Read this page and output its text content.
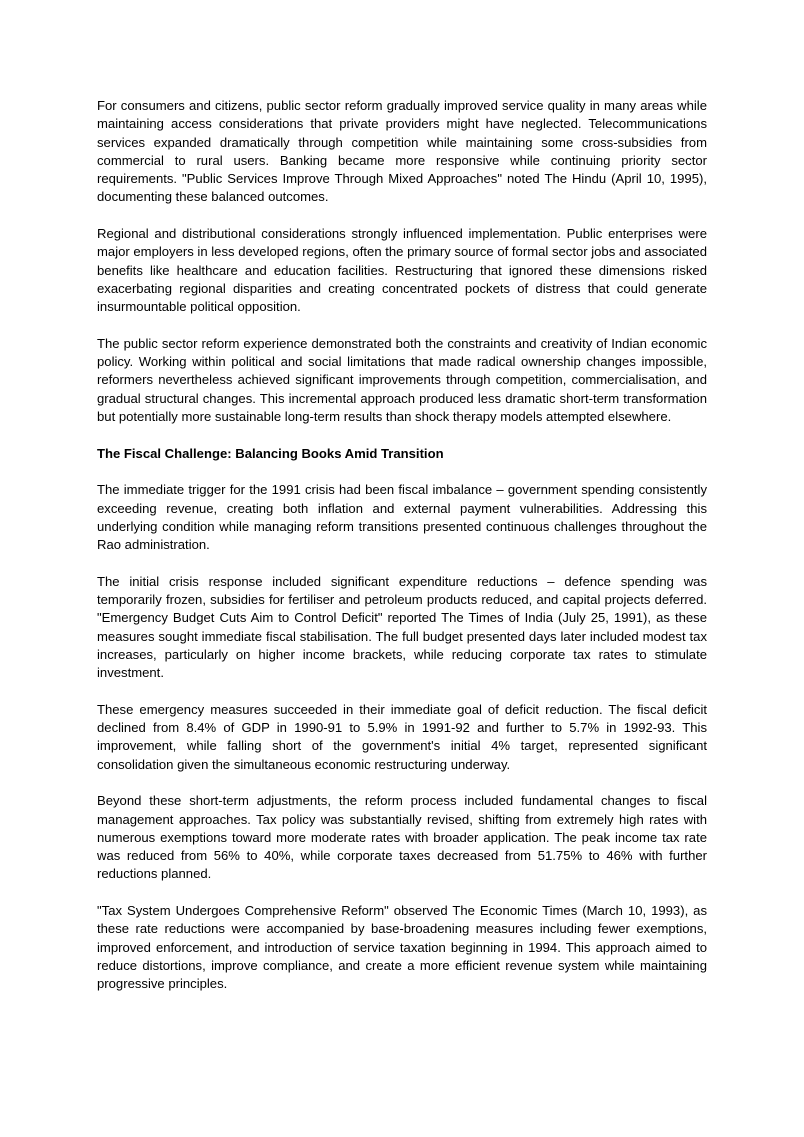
For consumers and citizens, public sector reform gradually improved service quality in many areas while maintaining access considerations that private providers might have neglected. Telecommunications services expanded dramatically through competition while maintaining some cross-subsidies from commercial to rural users. Banking became more responsive while continuing priority sector requirements. "Public Services Improve Through Mixed Approaches" noted The Hindu (April 10, 1995), documenting these balanced outcomes.

Regional and distributional considerations strongly influenced implementation. Public enterprises were major employers in less developed regions, often the primary source of formal sector jobs and associated benefits like healthcare and education facilities. Restructuring that ignored these dimensions risked exacerbating regional disparities and creating concentrated pockets of distress that could generate insurmountable political opposition.

The public sector reform experience demonstrated both the constraints and creativity of Indian economic policy. Working within political and social limitations that made radical ownership changes impossible, reformers nevertheless achieved significant improvements through competition, commercialisation, and gradual structural changes. This incremental approach produced less dramatic short-term transformation but potentially more sustainable long-term results than shock therapy models attempted elsewhere.

The Fiscal Challenge: Balancing Books Amid Transition

The immediate trigger for the 1991 crisis had been fiscal imbalance – government spending consistently exceeding revenue, creating both inflation and external payment vulnerabilities. Addressing this underlying condition while managing reform transitions presented continuous challenges throughout the Rao administration.

The initial crisis response included significant expenditure reductions – defence spending was temporarily frozen, subsidies for fertiliser and petroleum products reduced, and capital projects deferred. "Emergency Budget Cuts Aim to Control Deficit" reported The Times of India (July 25, 1991), as these measures sought immediate fiscal stabilisation. The full budget presented days later included modest tax increases, particularly on higher income brackets, while reducing corporate tax rates to stimulate investment.

These emergency measures succeeded in their immediate goal of deficit reduction. The fiscal deficit declined from 8.4% of GDP in 1990-91 to 5.9% in 1991-92 and further to 5.7% in 1992-93. This improvement, while falling short of the government's initial 4% target, represented significant consolidation given the simultaneous economic restructuring underway.

Beyond these short-term adjustments, the reform process included fundamental changes to fiscal management approaches. Tax policy was substantially revised, shifting from extremely high rates with numerous exemptions toward more moderate rates with broader application. The peak income tax rate was reduced from 56% to 40%, while corporate taxes decreased from 51.75% to 46% with further reductions planned.

"Tax System Undergoes Comprehensive Reform" observed The Economic Times (March 10, 1993), as these rate reductions were accompanied by base-broadening measures including fewer exemptions, improved enforcement, and introduction of service taxation beginning in 1994. This approach aimed to reduce distortions, improve compliance, and create a more efficient revenue system while maintaining progressive principles.
